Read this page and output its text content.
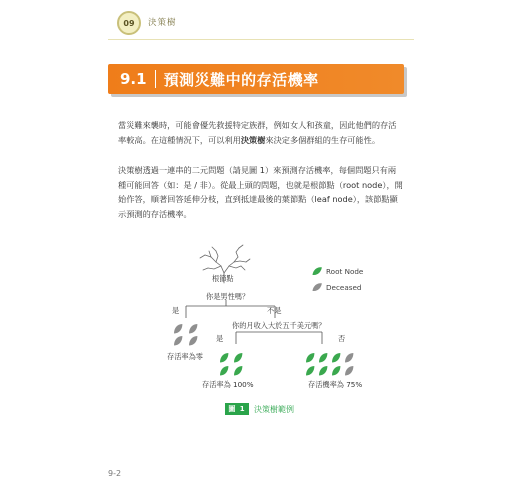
09	決策樹
9.1 預測災難中的存活機率
當災難來襲時，可能會優先救援特定族群，例如女人和孩童，因此他們的存活
率較高。在這種情況下，可以利用決策樹來決定多個群組的生存可能性。
決策樹透過一連串的二元問題（請見圖 1）來預測存活機率，每個問題只有兩
種可能回答（如：是 / 非）。從最上頭的問題，也就是根節點（root node），開
始作答，順著回答延伸分枝，直到抵達最後的葉節點（leaf node），該節點顯
示預測的存活機率。
根節點
你是男性嗎？
是	不是
你的月收入大於五千美元嗎？
是	否
存活率為零
存活率為 100%	存活機率為 75%
Root Node
Deceased
圖 1	決策樹範例
9-2
